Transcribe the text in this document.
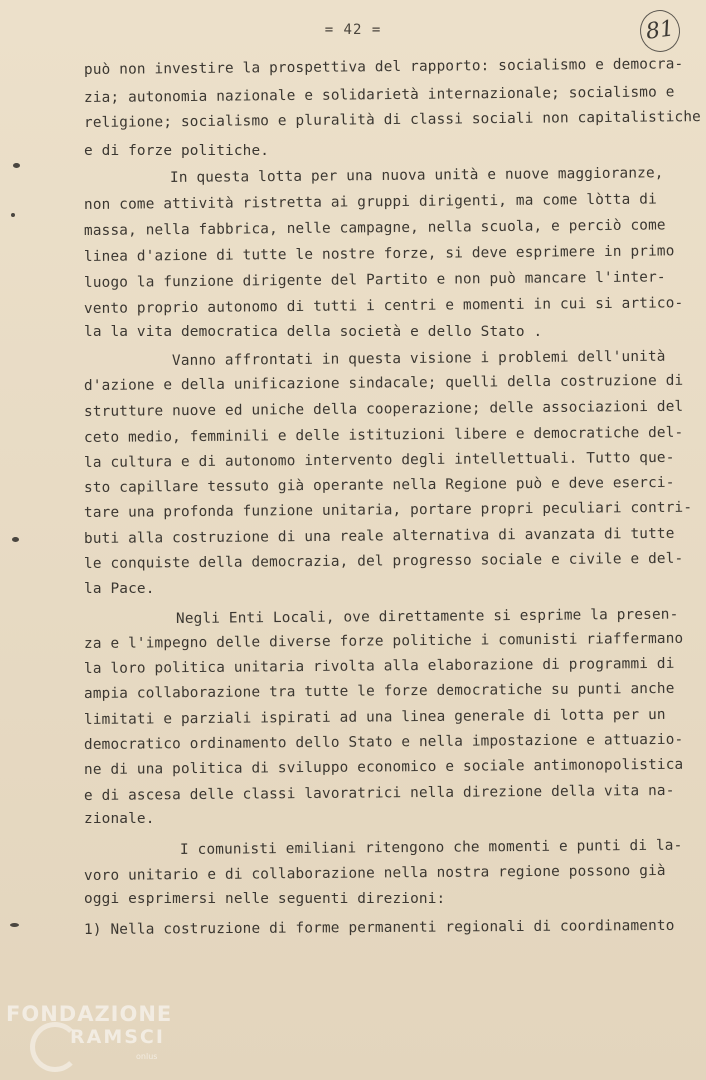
= 42 =	81
può non investire la prospettiva del rapporto: socialismo e democra-
zia; autonomia nazionale e solidarietà internazionale; socialismo e
religione; socialismo e pluralità di classi sociali non capitalistiche
e di forze politiche.
In questa lotta per una nuova unità e nuove maggioranze,
non come attività ristretta ai gruppi dirigenti, ma come lòtta di
massa, nella fabbrica, nelle campagne, nella scuola, e perciò come
linea d'azione di tutte le nostre forze, si deve esprimere in primo
luogo la funzione dirigente del Partito e non può mancare l'inter-
vento proprio autonomo di tutti i centri e momenti in cui si artico-
la la vita democratica della società e dello Stato .
Vanno affrontati in questa visione i problemi dell'unità
d'azione e della unificazione sindacale; quelli della costruzione di
strutture nuove ed uniche della cooperazione; delle associazioni del
ceto medio, femminili e delle istituzioni libere e democratiche del-
la cultura e di autonomo intervento degli intellettuali. Tutto que-
sto capillare tessuto già operante nella Regione può e deve eserci-
tare una profonda funzione unitaria, portare propri peculiari contri-
buti alla costruzione di una reale alternativa di avanzata di tutte
le conquiste della democrazia, del progresso sociale e civile e del-
la Pace.
Negli Enti Locali, ove direttamente si esprime la presen-
za e l'impegno delle diverse forze politiche i comunisti riaffermano
la loro politica unitaria rivolta alla elaborazione di programmi di
ampia collaborazione tra tutte le forze democratiche su punti anche
limitati e parziali ispirati ad una linea generale di lotta per un
democratico ordinamento dello Stato e nella impostazione e attuazio-
ne di una politica di sviluppo economico e sociale antimonopolistica
e di ascesa delle classi lavoratrici nella direzione della vita na-
zionale.
I comunisti emiliani ritengono che momenti e punti di la-
voro unitario e di collaborazione nella nostra regione possono già
oggi esprimersi nelle seguenti direzioni:
1) Nella costruzione di forme permanenti regionali di coordinamento
FONDAZIONE
RAMSCI
onlus
